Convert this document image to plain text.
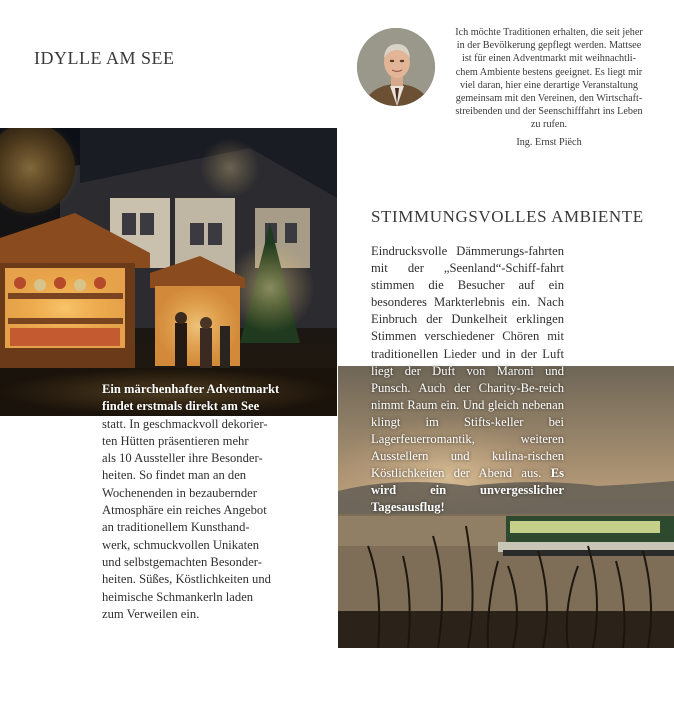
IDYLLE AM SEE
STIMMUNGSVOLLES AMBIENTE
Ich möchte Traditionen erhalten, die seit jeher
in der Bevölkerung gepflegt werden. Mattsee
ist für einen Adventmarkt mit weihnachtli-
chem Ambiente bestens geeignet. Es liegt mir
viel daran, hier eine derartige Veranstaltung
gemeinsam mit den Vereinen, den Wirtschaft-
streibenden und der Seenschifffahrt ins Leben
zu rufen.
Ing. Ernst Piëch
Ein märchenhafter Adventmarkt
findet erstmals direkt am See
statt. In geschmackvoll dekorier-
ten Hütten präsentieren mehr
als 10 Aussteller ihre Besonder-
heiten. So findet man an den
Wochenenden in bezaubernder
Atmosphäre ein reiches Angebot
an traditionellem Kunsthand-
werk, schmuckvollen Unikaten
und selbstgemachten Besonder-
heiten. Süßes, Köstlichkeiten und
heimische Schmankerln laden
zum Verweilen ein.
Eindrucksvolle Dämmerungs-fahrten mit der „Seenland“-Schiff-fahrt stimmen die Besucher auf ein besonderes Markterlebnis ein. Nach Einbruch der Dunkelheit erklingen Stimmen verschiedener Chören mit traditionellen Lieder und in der Luft liegt der Duft von Maroni und Punsch. Auch der Charity-Be-reich nimmt Raum ein. Und gleich nebenan klingt im Stifts-keller bei Lagerfeuerromantik, weiteren Ausstellern und kulina-rischen Köstlichkeiten der Abend aus. Es wird ein unvergesslicher Tagesausflug!
